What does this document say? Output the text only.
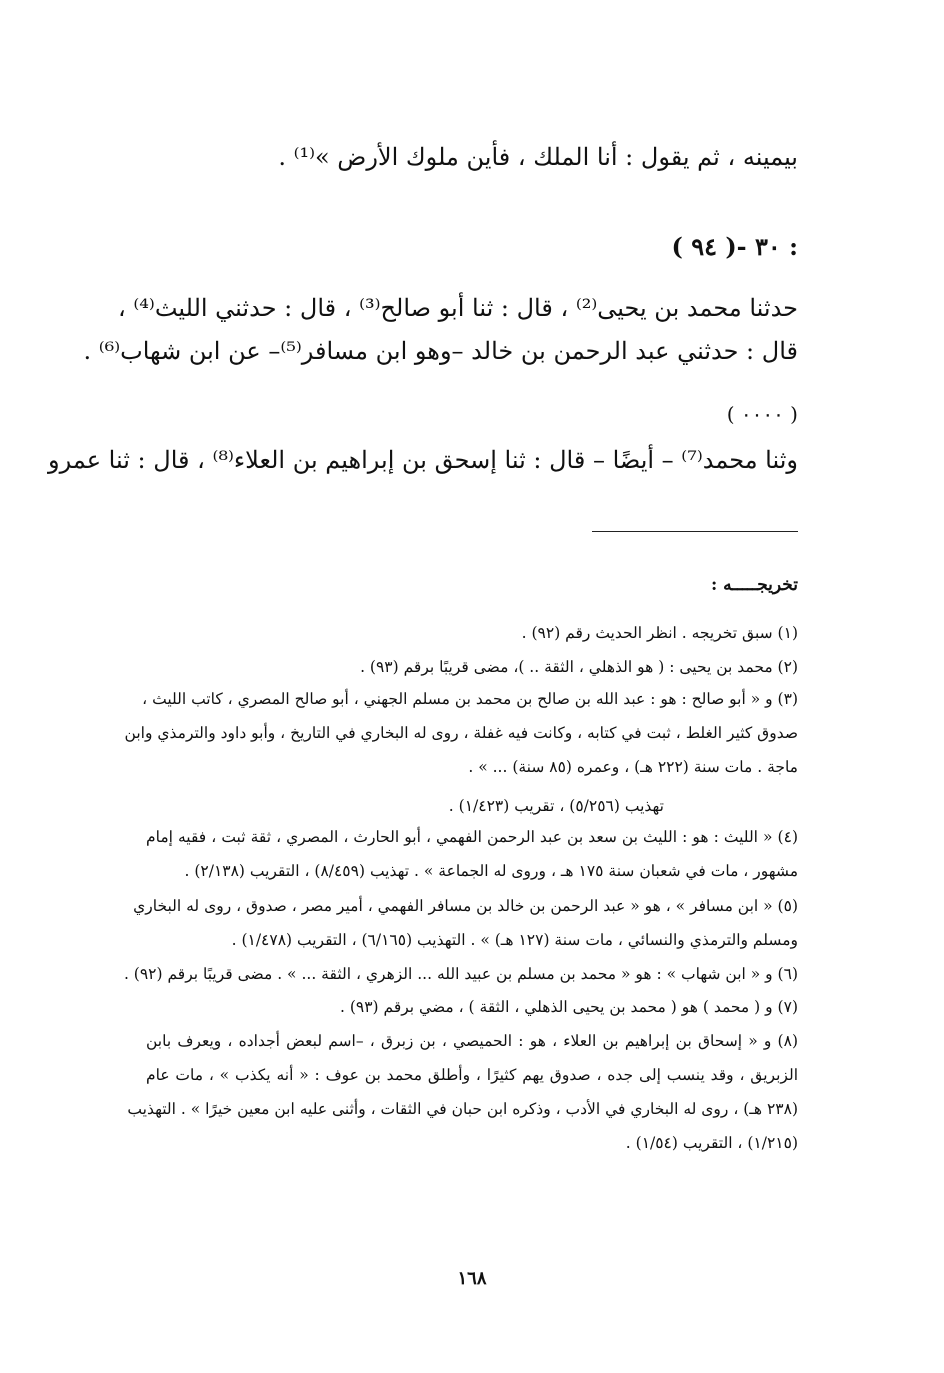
بيمينه ، ثم يقول : أنا الملك ، فأين ملوك الأرض »⁽¹⁾ .
٣٠ -( ٩٤ ) :
حدثنا محمد بن يحيى⁽²⁾ ، قال : ثنا أبو صالح⁽³⁾ ، قال : حدثني الليث⁽⁴⁾ ،
قال : حدثني عبد الرحمن بن خالد –وهو ابن مسافر⁽⁵⁾– عن ابن شهاب⁽⁶⁾ .
( ٠٠٠٠ )
وثنا محمد⁽⁷⁾ – أيضًا – قال : ثنا إسحق بن إبراهيم بن العلاء⁽⁸⁾ ، قال : ثنا عمرو
تخريجـــــه :
(١) سبق تخريجه . انظر الحديث رقم (٩٢) .
(٢) محمد بن يحيى : ( هو الذهلي ، الثقة .. )، مضى قريبًا برقم (٩٣) .
(٣) و « أبو صالح : هو : عبد الله بن صالح بن محمد بن مسلم الجهني ، أبو صالح المصري ، كاتب الليث ،
صدوق كثير الغلط ، ثبت في كتابه ، وكانت فيه غفلة ، روى له البخاري في التاريخ ، وأبو داود والترمذي وابن
ماجة . مات سنة (٢٢٢ هـ) ، وعمره (٨٥ سنة) ... » .
تهذيب (٥/٢٥٦) ، تقريب (١/٤٢٣) .
(٤) « الليث : هو : الليث بن سعد بن عبد الرحمن الفهمي ، أبو الحارث ، المصري ، ثقة ثبت ، فقيه إمام
مشهور ، مات في شعبان سنة ١٧٥ هـ ، وروى له الجماعة » . تهذيب (٨/٤٥٩) ، التقريب (٢/١٣٨) .
(٥) « ابن مسافر » ، هو « عبد الرحمن بن خالد بن مسافر الفهمي ، أمير مصر ، صدوق ، روى له البخاري
ومسلم والترمذي والنسائي ، مات سنة (١٢٧ هـ) » . التهذيب (٦/١٦٥) ، التقريب (١/٤٧٨) .
(٦) و « ابن شهاب » : هو « محمد بن مسلم بن عبيد الله ... الزهري ، الثقة ... » . مضى قريبًا برقم (٩٢) .
(٧) و ( محمد ) هو ( محمد بن يحيى الذهلي ، الثقة ) ، مضي برقم (٩٣) .
(٨) و « إسحاق بن إبراهيم بن العلاء ، هو : الحميصي ، بن زبرق ، –اسم لبعض أجداده ، ويعرف بابن
الزبريق ، وقد ينسب إلى جده ، صدوق يهم كثيرًا ، وأطلق محمد بن عوف : « أنه يكذب » ، مات عام
(٢٣٨ هـ) ، روى له البخاري في الأدب ، وذكره ابن حبان في الثقات ، وأثنى عليه ابن معين خيرًا » . التهذيب
(١/٢١٥) ، التقريب (١/٥٤) .
١٦٨
